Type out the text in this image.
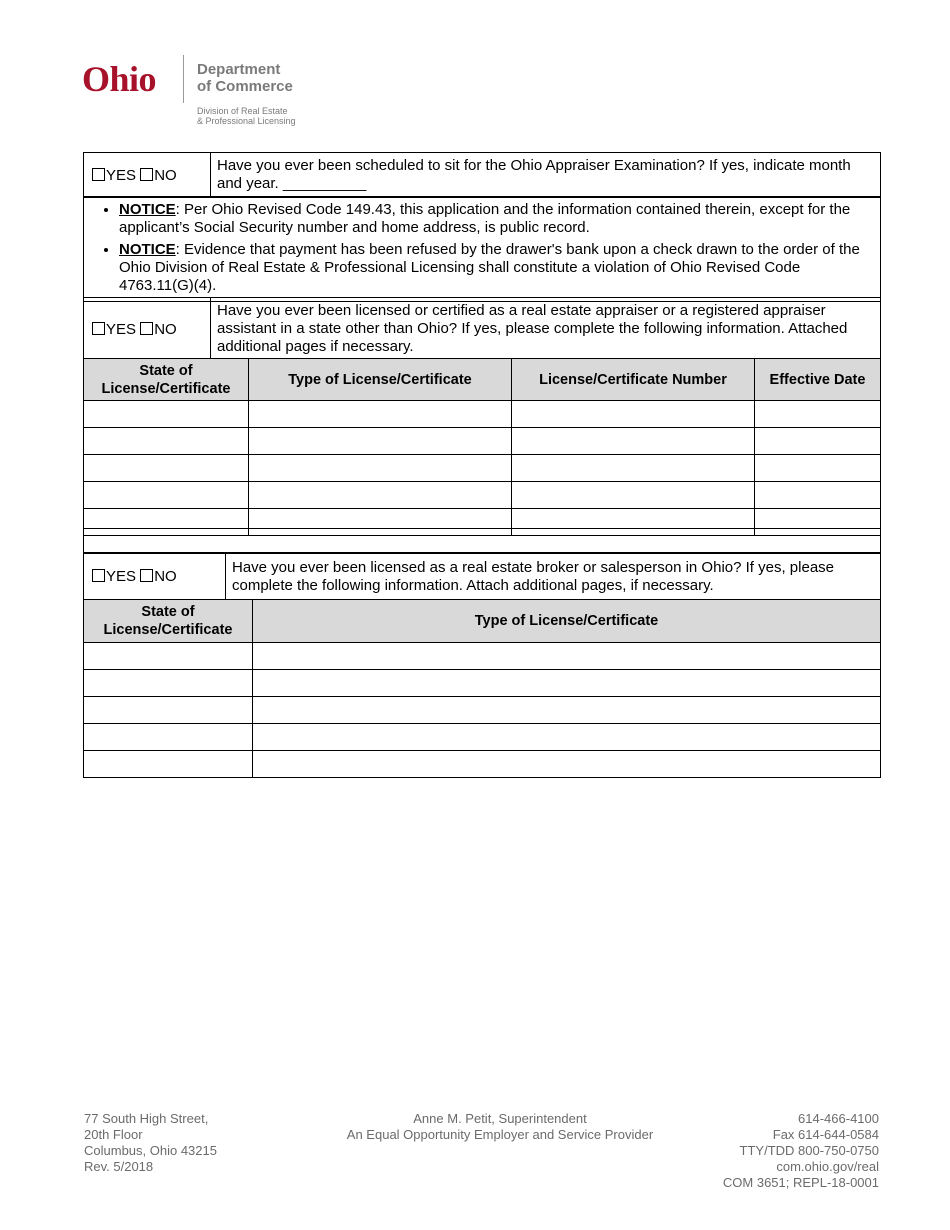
Ohio	Department
of Commerce
Division of Real Estate
& Professional Licensing
YES NO	Have you ever been scheduled to sit for the Ohio Appraiser Examination? If yes, indicate month and year. __________
• NOTICE: Per Ohio Revised Code 149.43, this application and the information contained therein, except for the applicant’s Social Security number and home address, is public record.
• NOTICE: Evidence that payment has been refused by the drawer's bank upon a check drawn to the order of the Ohio Division of Real Estate & Professional Licensing shall constitute a violation of Ohio Revised Code 4763.11(G)(4).
YES NO	Have you ever been licensed or certified as a real estate appraiser or a registered appraiser assistant in a state other than Ohio? If yes, please complete the following information. Attached additional pages if necessary.
State of License/Certificate	Type of License/Certificate	License/Certificate Number	Effective Date

YES NO	Have you ever been licensed as a real estate broker or salesperson in Ohio? If yes, please complete the following information. Attach additional pages, if necessary.
State of License/Certificate	Type of License/Certificate

77 South High Street,
20th Floor
Columbus, Ohio 43215
Rev. 5/2018
Anne M. Petit, Superintendent
An Equal Opportunity Employer and Service Provider
614-466-4100
Fax 614-644-0584
TTY/TDD 800-750-0750
com.ohio.gov/real
COM 3651; REPL-18-0001
